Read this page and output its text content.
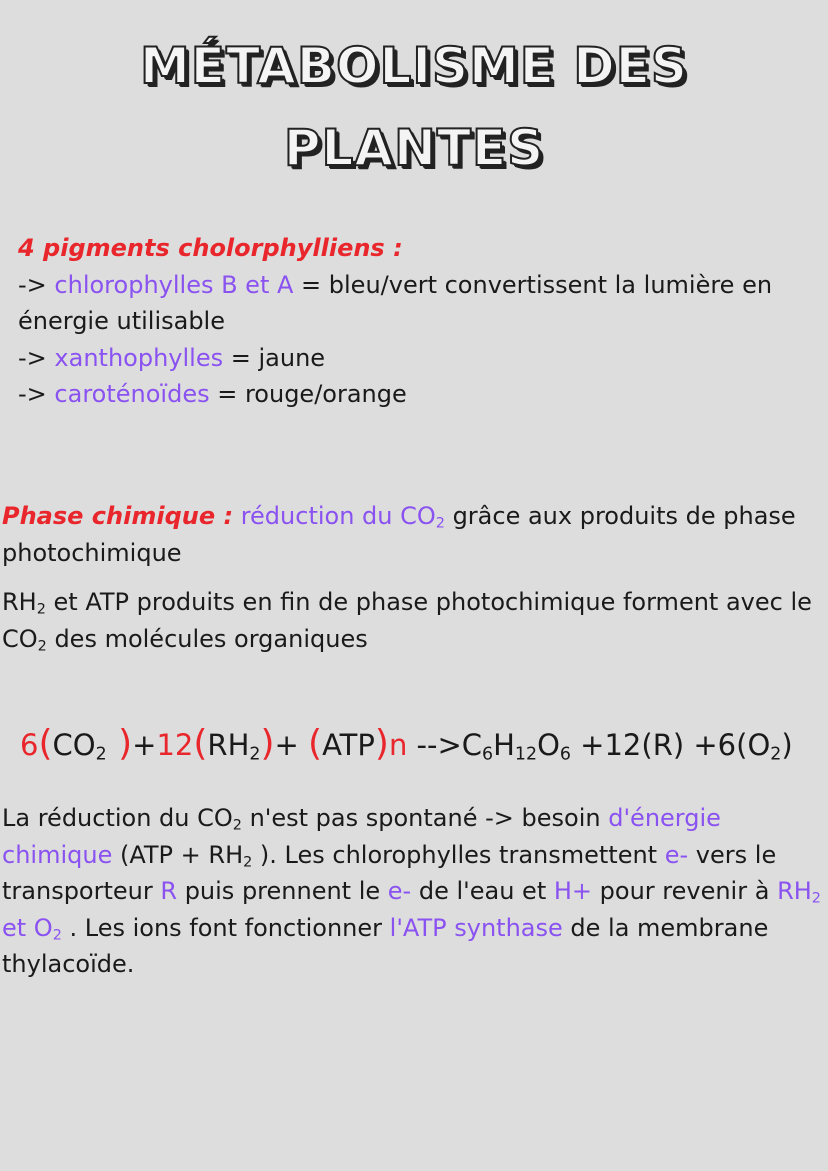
MÉTABOLISME DES
PLANTES
4 pigments cholorphylliens :
-> chlorophylles B et A = bleu/vert convertissent la lumière en énergie utilisable
-> xanthophylles = jaune
-> caroténoïdes = rouge/orange
Phase chimique : réduction du $CO_2$ grâce aux produits de phase photochimique
$RH_2$ et ATP produits en fin de phase photochimique forment avec le $CO_2$ des molécules organiques
$6(CO_2$ )$+12(RH_2)+ (ATP)n$ $-->C_6H_{12}O_6 +12(R) +6(O_2)$
La réduction du $CO_2$ n'est pas spontané -> besoin d'énergie chimique ($ATP + RH_2$ ). Les chlorophylles transmettent e- vers le transporteur R puis prennent le e- de l'eau et H+ pour revenir à $RH_2$ et $O_2$ . Les ions font fonctionner l'ATP synthase de la membrane thylacoïde.
